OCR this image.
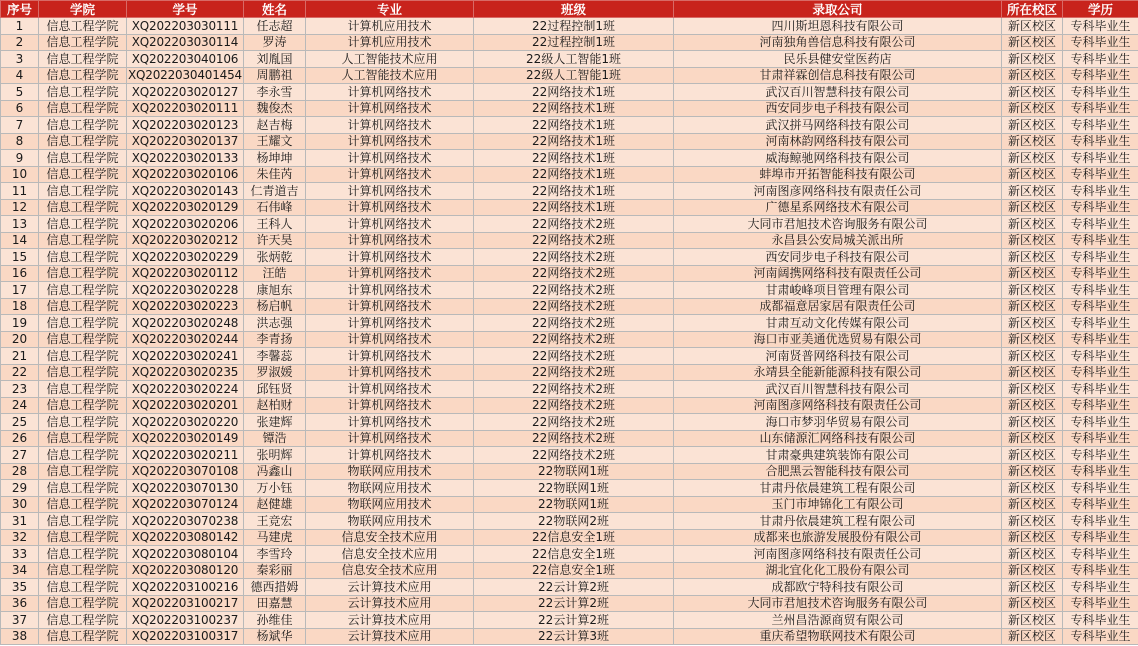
序号	学院	学号	姓名	专业	班级	录取公司	所在校区	学历
1	信息工程学院	XQ202203030111	任志超	计算机应用技术	22过程控制1班	四川斯坦恩科技有限公司	新区校区	专科毕业生
2	信息工程学院	XQ202203030114	罗涛	计算机应用技术	22过程控制1班	河南独角兽信息科技有限公司	新区校区	专科毕业生
3	信息工程学院	XQ202203040106	刘胤国	人工智能技术应用	22级人工智能1班	民乐县健安堂医药店	新区校区	专科毕业生
4	信息工程学院	XQ2022030401454	周鹏祖	人工智能技术应用	22级人工智能1班	甘肃祥霖创信息科技有限公司	新区校区	专科毕业生
5	信息工程学院	XQ202203020127	李永雪	计算机网络技术	22网络技术1班	武汉百川智慧科技有限公司	新区校区	专科毕业生
6	信息工程学院	XQ202203020111	魏俊杰	计算机网络技术	22网络技术1班	西安同步电子科技有限公司	新区校区	专科毕业生
7	信息工程学院	XQ202203020123	赵吉梅	计算机网络技术	22网络技术1班	武汉拼马网络科技有限公司	新区校区	专科毕业生
8	信息工程学院	XQ202203020137	王耀文	计算机网络技术	22网络技术1班	河南林韵网络科技有限公司	新区校区	专科毕业生
9	信息工程学院	XQ202203020133	杨坤坤	计算机网络技术	22网络技术1班	威海鲸驰网络科技有限公司	新区校区	专科毕业生
10	信息工程学院	XQ202203020106	朱佳芮	计算机网络技术	22网络技术1班	蚌埠市开拓智能科技有限公司	新区校区	专科毕业生
11	信息工程学院	XQ202203020143	仁青道吉	计算机网络技术	22网络技术1班	河南图彦网络科技有限责任公司	新区校区	专科毕业生
12	信息工程学院	XQ202203020129	石伟峰	计算机网络技术	22网络技术1班	广德星系网络技术有限公司	新区校区	专科毕业生
13	信息工程学院	XQ202203020206	王科人	计算机网络技术	22网络技术2班	大同市君旭技术咨询服务有限公司	新区校区	专科毕业生
14	信息工程学院	XQ202203020212	许天昊	计算机网络技术	22网络技术2班	永昌县公安局城关派出所	新区校区	专科毕业生
15	信息工程学院	XQ202203020229	张炳乾	计算机网络技术	22网络技术2班	西安同步电子科技有限公司	新区校区	专科毕业生
16	信息工程学院	XQ202203020112	汪皓	计算机网络技术	22网络技术2班	河南阔携网络科技有限责任公司	新区校区	专科毕业生
17	信息工程学院	XQ202203020228	康旭东	计算机网络技术	22网络技术2班	甘肃峻峰项目管理有限公司	新区校区	专科毕业生
18	信息工程学院	XQ202203020223	杨启帆	计算机网络技术	22网络技术2班	成都福意居家居有限责任公司	新区校区	专科毕业生
19	信息工程学院	XQ202203020248	洪志强	计算机网络技术	22网络技术2班	甘肃互动文化传媒有限公司	新区校区	专科毕业生
20	信息工程学院	XQ202203020244	李青扬	计算机网络技术	22网络技术2班	海口市亚美通优选贸易有限公司	新区校区	专科毕业生
21	信息工程学院	XQ202203020241	李馨蕊	计算机网络技术	22网络技术2班	河南贤普网络科技有限公司	新区校区	专科毕业生
22	信息工程学院	XQ202203020235	罗淑媛	计算机网络技术	22网络技术2班	永靖县全能新能源科技有限公司	新区校区	专科毕业生
23	信息工程学院	XQ202203020224	邱钰贤	计算机网络技术	22网络技术2班	武汉百川智慧科技有限公司	新区校区	专科毕业生
24	信息工程学院	XQ202203020201	赵柏财	计算机网络技术	22网络技术2班	河南图彦网络科技有限责任公司	新区校区	专科毕业生
25	信息工程学院	XQ202203020220	张建辉	计算机网络技术	22网络技术2班	海口市梦羽华贸易有限公司	新区校区	专科毕业生
26	信息工程学院	XQ202203020149	镡浩	计算机网络技术	22网络技术2班	山东储源汇网络科技有限公司	新区校区	专科毕业生
27	信息工程学院	XQ202203020211	张明辉	计算机网络技术	22网络技术2班	甘肃豪典建筑装饰有限公司	新区校区	专科毕业生
28	信息工程学院	XQ202203070108	冯鑫山	物联网应用技术	22物联网1班	合肥黑云智能科技有限公司	新区校区	专科毕业生
29	信息工程学院	XQ202203070130	万小钰	物联网应用技术	22物联网1班	甘肃丹依晨建筑工程有限公司	新区校区	专科毕业生
30	信息工程学院	XQ202203070124	赵健雄	物联网应用技术	22物联网1班	玉门市坤锦化工有限公司	新区校区	专科毕业生
31	信息工程学院	XQ202203070238	王竞宏	物联网应用技术	22物联网2班	甘肃丹依晨建筑工程有限公司	新区校区	专科毕业生
32	信息工程学院	XQ202203080142	马建虎	信息安全技术应用	22信息安全1班	成都来也旅游发展股份有限公司	新区校区	专科毕业生
33	信息工程学院	XQ202203080104	李雪玲	信息安全技术应用	22信息安全1班	河南图彦网络科技有限责任公司	新区校区	专科毕业生
34	信息工程学院	XQ202203080120	秦彩丽	信息安全技术应用	22信息安全1班	湖北宜化化工股份有限公司	新区校区	专科毕业生
35	信息工程学院	XQ202203100216	德西措姆	云计算技术应用	22云计算2班	成都欧宁特科技有限公司	新区校区	专科毕业生
36	信息工程学院	XQ202203100217	田嘉慧	云计算技术应用	22云计算2班	大同市君旭技术咨询服务有限公司	新区校区	专科毕业生
37	信息工程学院	XQ202203100237	孙维佳	云计算技术应用	22云计算2班	兰州昌浩源商贸有限公司	新区校区	专科毕业生
38	信息工程学院	XQ202203100317	杨斌华	云计算技术应用	22云计算3班	重庆希望物联网技术有限公司	新区校区	专科毕业生
